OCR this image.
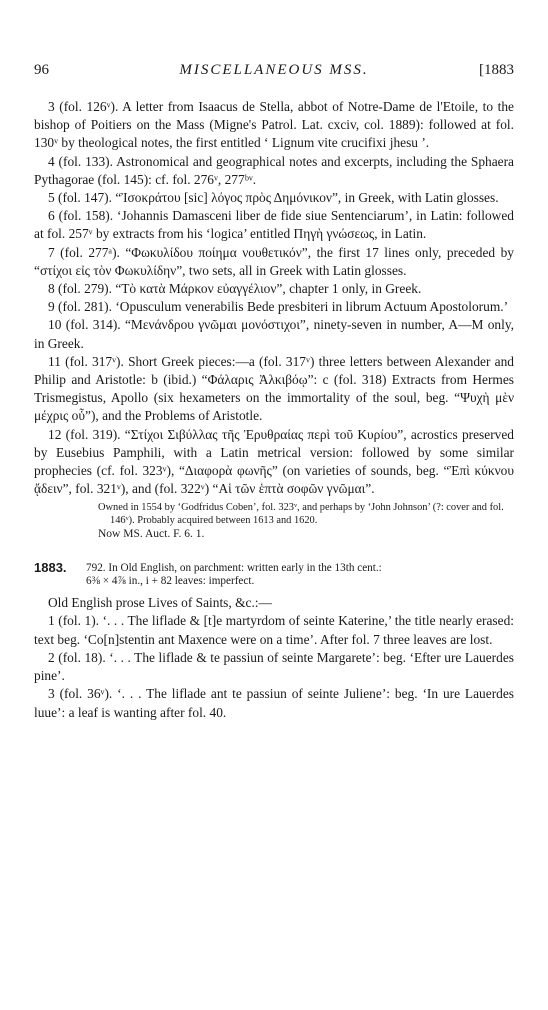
96	MISCELLANEOUS MSS.	[1883

3 (fol. 126ᵛ). A letter from Isaacus de Stella, abbot of Notre-Dame de l'Etoile, to the bishop of Poitiers on the Mass (Migne's Patrol. Lat. cxciv, col. 1889): followed at fol. 130ᵛ by theological notes, the first entitled ‘ Lignum vite crucifixi jhesu ’.

4 (fol. 133). Astronomical and geographical notes and excerpts, including the Sphaera Pythagorae (fol. 145): cf. fol. 276ᵛ, 277ᵇᵛ.

5 (fol. 147). “Ἰσοκράτου [sic] λόγος πρὸς Δημόνικον”, in Greek, with Latin glosses.

6 (fol. 158). ‘Johannis Damasceni liber de fide siue Sentenciarum’, in Latin: followed at fol. 257ᵛ by extracts from his ‘logica’ entitled Πηγὴ γνώσεως, in Latin.

7 (fol. 277ᵃ). “Φωκυλίδου ποίημα νουθετικόν”, the first 17 lines only, preceded by “στίχοι εἰς τὸν Φωκυλίδην”, two sets, all in Greek with Latin glosses.

8 (fol. 279). “Τὸ κατὰ Μάρκον εὐαγγέλιον”, chapter 1 only, in Greek.

9 (fol. 281). ‘Opusculum venerabilis Bede presbiteri in librum Actuum Apostolorum.’

10 (fol. 314). “Μενάνδρου γνῶμαι μονόστιχοι”, ninety-seven in number, A—M only, in Greek.

11 (fol. 317ᵛ). Short Greek pieces:—a (fol. 317ᵛ) three letters between Alexander and Philip and Aristotle: b (ibid.) “Φάλαρις Ἀλκιβόῳ”: c (fol. 318) Extracts from Hermes Trismegistus, Apollo (six hexameters on the immortality of the soul, beg. “Ψυχὴ μὲν μέχρις οὗ”), and the Problems of Aristotle.

12 (fol. 319). “Στίχοι Σιβύλλας τῆς Ἐρυθραίας περὶ τοῦ Κυρίου”, acrostics preserved by Eusebius Pamphili, with a Latin metrical version: followed by some similar prophecies (cf. fol. 323ᵛ), “Διαφορὰ φωνῆς” (on varieties of sounds, beg. “Ἐπὶ κύκνου ᾄδειν”, fol. 321ᵛ), and (fol. 322ᵛ) “Αἱ τῶν ἑπτὰ σοφῶν γνῶμαι”.

Owned in 1554 by ‘Godfridus Coben’, fol. 323ᵛ, and perhaps by ‘John Johnson’ (?: cover and fol. 146ᵛ). Probably acquired between 1613 and 1620.
Now MS. Auct. F. 6. 1.
1883. 792. In Old English, on parchment: written early in the 13th cent.:
6⅜ × 4⅞ in., i + 82 leaves: imperfect.

Old English prose Lives of Saints, &c.:—

1 (fol. 1). ‘. . . The liflade & [t]e martyrdom of seinte Katerine,’ the title nearly erased: text beg. ‘Co[n]stentin ant Maxence were on a time’. After fol. 7 three leaves are lost.

2 (fol. 18). ‘. . . The liflade & te passiun of seinte Margarete’: beg. ‘Efter ure Lauerdes pine’.

3 (fol. 36ᵛ). ‘. . . The liflade ant te passiun of seinte Juliene’: beg. ‘In ure Lauerdes luue’: a leaf is wanting after fol. 40.
